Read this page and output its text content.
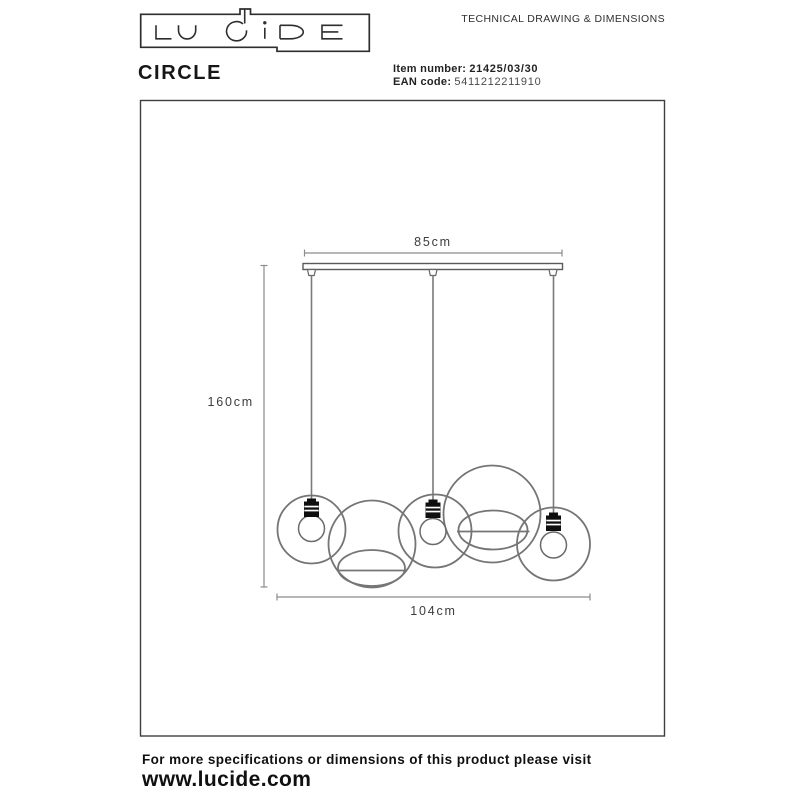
85cm
160cm
104cm
TECHNICAL DRAWING & DIMENSIONS
CIRCLE	Item number: 21425/03/30
EAN code: 5411212211910
For more specifications or dimensions of this product please visit
www.lucide.com
